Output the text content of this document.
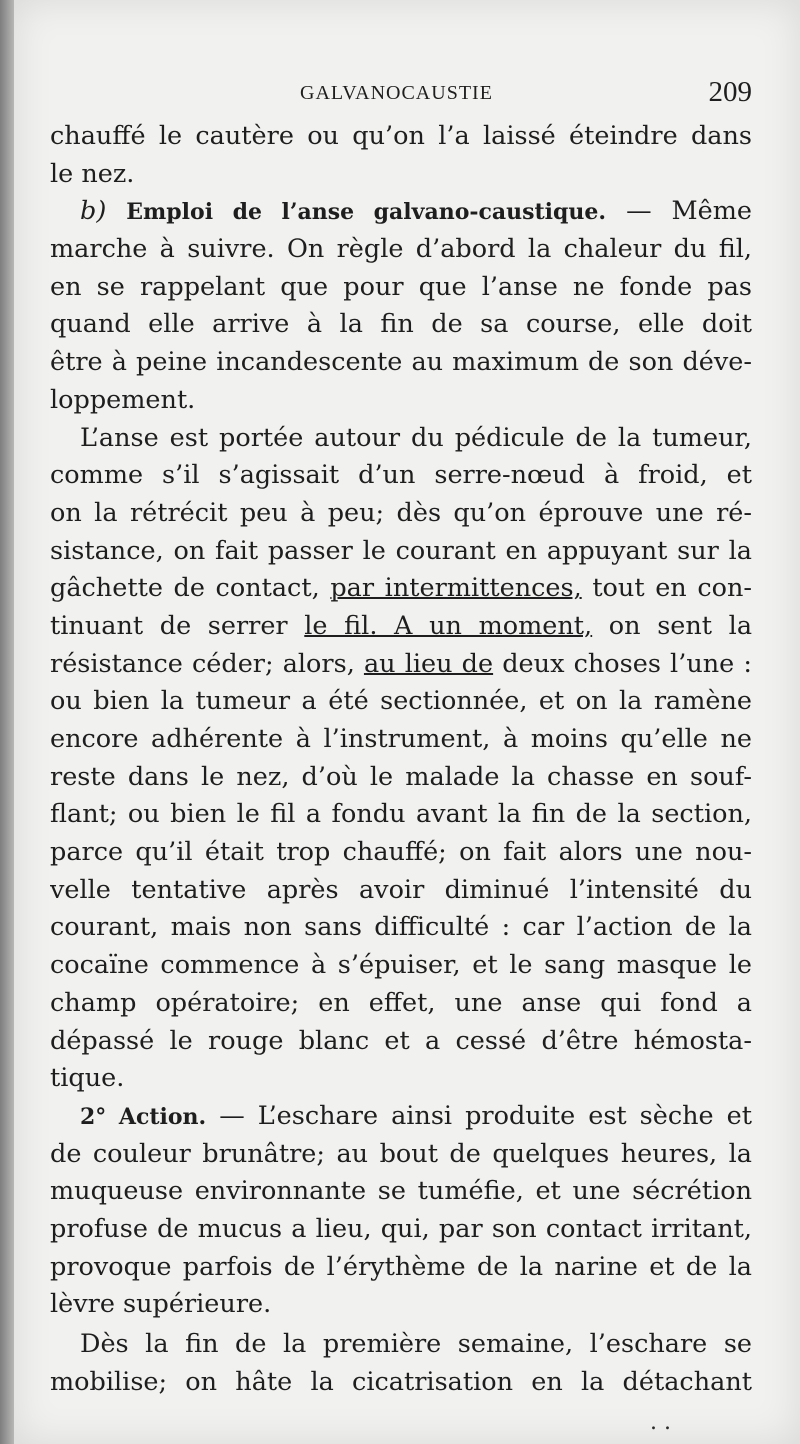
GALVANOCAUSTIE	209
chauffé le cautère ou qu’on l’a laissé éteindre dans
le nez.
b) Emploi de l’anse galvano-caustique. — Même
marche à suivre. On règle d’abord la chaleur du fil,
en se rappelant que pour que l’anse ne fonde pas
quand elle arrive à la fin de sa course, elle doit
être à peine incandescente au maximum de son déve-
loppement.
L’anse est portée autour du pédicule de la tumeur,
comme s’il s’agissait d’un serre-nœud à froid, et
on la rétrécit peu à peu; dès qu’on éprouve une ré-
sistance, on fait passer le courant en appuyant sur la
gâchette de contact, par intermittences, tout en con-
tinuant de serrer le fil. A un moment, on sent la
résistance céder; alors, au lieu de deux choses l’une :
ou bien la tumeur a été sectionnée, et on la ramène
encore adhérente à l’instrument, à moins qu’elle ne
reste dans le nez, d’où le malade la chasse en souf-
flant; ou bien le fil a fondu avant la fin de la section,
parce qu’il était trop chauffé; on fait alors une nou-
velle tentative après avoir diminué l’intensité du
courant, mais non sans difficulté : car l’action de la
cocaïne commence à s’épuiser, et le sang masque le
champ opératoire; en effet, une anse qui fond a
dépassé le rouge blanc et a cessé d’être hémosta-
tique.
2° Action. — L’eschare ainsi produite est sèche et
de couleur brunâtre; au bout de quelques heures, la
muqueuse environnante se tuméfie, et une sécrétion
profuse de mucus a lieu, qui, par son contact irritant,
provoque parfois de l’érythème de la narine et de la
lèvre supérieure.
Dès la fin de la première semaine, l’eschare se
mobilise; on hâte la cicatrisation en la détachant
. .
